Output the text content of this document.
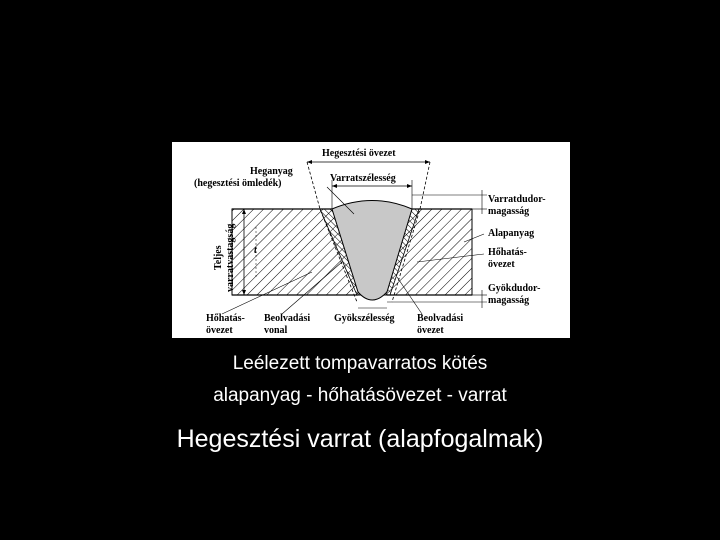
Hegesztési övezet
Heganyag
(hegesztési ömledék)	Varratszélesség
Teljes varratvastagság t
Varratdudor-
magasság
Alapanyag
Hőhatás-
övezet
Gyökdudor-
magasság
Hőhatás-
övezet
Beolvadási
vonal
Gyökszélesség Beolvadási
övezet
Leélezett tompavarratos kötés
alapanyag - hőhatásövezet - varrat
Hegesztési varrat (alapfogalmak)
